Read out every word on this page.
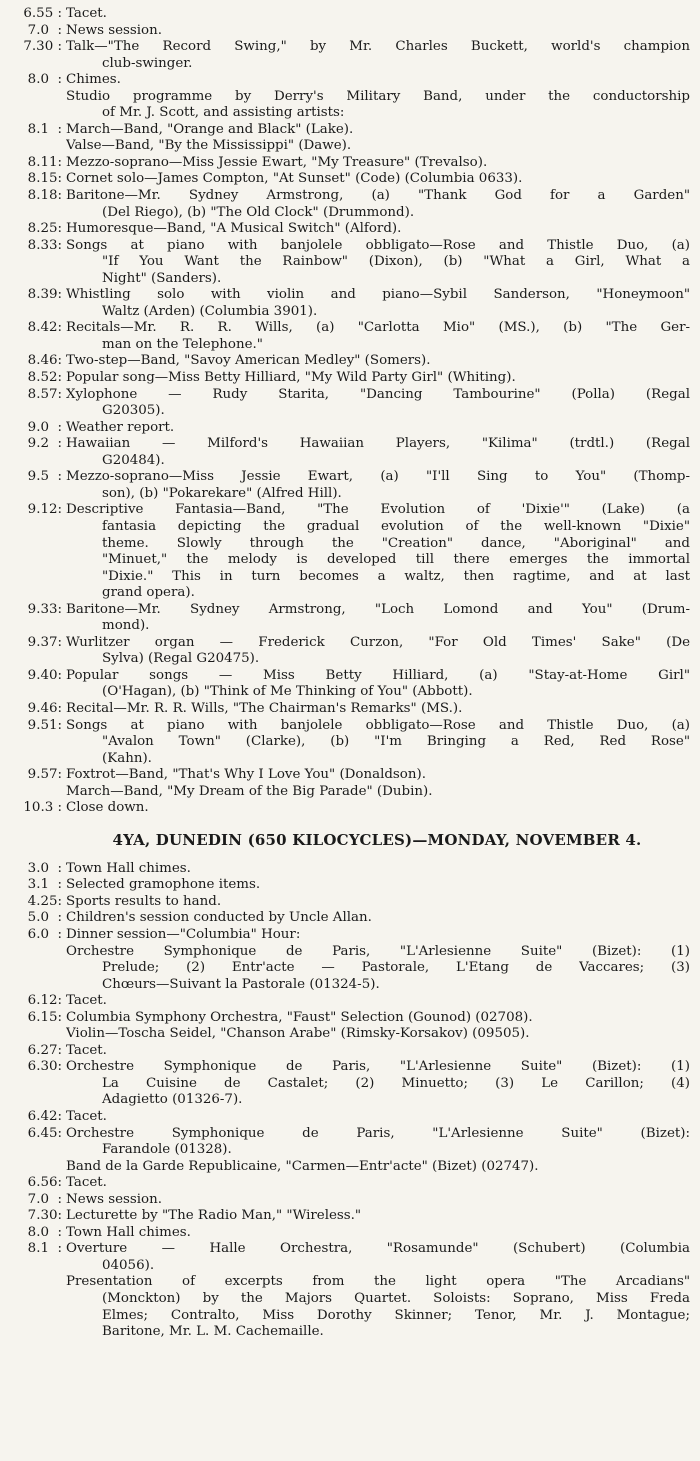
6.55 : Tacet.
7.0  : News session.
7.30 : Talk—"The Record Swing," by Mr. Charles Buckett, world's champion
club-swinger.
8.0  : Chimes.
Studio programme by Derry's Military Band, under the conductorship
of Mr. J. Scott, and assisting artists:
8.1  : March—Band, "Orange and Black" (Lake).
Valse—Band, "By the Mississippi" (Dawe).
8.11: Mezzo-soprano—Miss Jessie Ewart, "My Treasure" (Trevalso).
8.15: Cornet solo—James Compton, "At Sunset" (Code) (Columbia 0633).
8.18: Baritone—Mr. Sydney Armstrong, (a) "Thank God for a Garden"
(Del Riego), (b) "The Old Clock" (Drummond).
8.25: Humoresque—Band, "A Musical Switch" (Alford).
8.33: Songs at piano with banjolele obbligato—Rose and Thistle Duo, (a)
"If You Want the Rainbow" (Dixon), (b) "What a Girl, What a
Night" (Sanders).
8.39: Whistling solo with violin and piano—Sybil Sanderson, "Honeymoon"
Waltz (Arden) (Columbia 3901).
8.42: Recitals—Mr. R. R. Wills, (a) "Carlotta Mio" (MS.), (b) "The Ger-
man on the Telephone."
8.46: Two-step—Band, "Savoy American Medley" (Somers).
8.52: Popular song—Miss Betty Hilliard, "My Wild Party Girl" (Whiting).
8.57: Xylophone — Rudy Starita, "Dancing Tambourine" (Polla) (Regal
G20305).
9.0  : Weather report.
9.2  : Hawaiian — Milford's Hawaiian Players, "Kilima" (trdtl.) (Regal
G20484).
9.5  : Mezzo-soprano—Miss Jessie Ewart, (a) "I'll Sing to You" (Thomp-
son), (b) "Pokarekare" (Alfred Hill).
9.12: Descriptive Fantasia—Band, "The Evolution of 'Dixie'" (Lake) (a
fantasia depicting the gradual evolution of the well-known "Dixie"
theme. Slowly through the "Creation" dance, "Aboriginal" and
"Minuet," the melody is developed till there emerges the immortal
"Dixie." This in turn becomes a waltz, then ragtime, and at last
grand opera).
9.33: Baritone—Mr. Sydney Armstrong, "Loch Lomond and You" (Drum-
mond).
9.37: Wurlitzer organ — Frederick Curzon, "For Old Times' Sake" (De
Sylva) (Regal G20475).
9.40: Popular songs — Miss Betty Hilliard, (a) "Stay-at-Home Girl"
(O'Hagan), (b) "Think of Me Thinking of You" (Abbott).
9.46: Recital—Mr. R. R. Wills, "The Chairman's Remarks" (MS.).
9.51: Songs at piano with banjolele obbligato—Rose and Thistle Duo, (a)
"Avalon Town" (Clarke), (b) "I'm Bringing a Red, Red Rose"
(Kahn).
9.57: Foxtrot—Band, "That's Why I Love You" (Donaldson).
March—Band, "My Dream of the Big Parade" (Dubin).
10.3 : Close down.
4YA, DUNEDIN (650 KILOCYCLES)—MONDAY, NOVEMBER 4.
3.0  : Town Hall chimes.
3.1  : Selected gramophone items.
4.25: Sports results to hand.
5.0  : Children's session conducted by Uncle Allan.
6.0  : Dinner session—"Columbia" Hour:
Orchestre Symphonique de Paris, "L'Arlesienne Suite" (Bizet): (1)
Prelude; (2) Entr'acte — Pastorale, L'Etang de Vaccares; (3)
Chœurs—Suivant la Pastorale (01324-5).
6.12: Tacet.
6.15: Columbia Symphony Orchestra, "Faust" Selection (Gounod) (02708).
Violin—Toscha Seidel, "Chanson Arabe" (Rimsky-Korsakov) (09505).
6.27: Tacet.
6.30: Orchestre Symphonique de Paris, "L'Arlesienne Suite" (Bizet): (1)
La Cuisine de Castalet; (2) Minuetto; (3) Le Carillon; (4)
Adagietto (01326-7).
6.42: Tacet.
6.45: Orchestre Symphonique de Paris, "L'Arlesienne Suite" (Bizet):
Farandole (01328).
Band de la Garde Republicaine, "Carmen—Entr'acte" (Bizet) (02747).
6.56: Tacet.
7.0  : News session.
7.30: Lecturette by "The Radio Man," "Wireless."
8.0  : Town Hall chimes.
8.1  : Overture — Halle Orchestra, "Rosamunde" (Schubert) (Columbia
04056).
Presentation of excerpts from the light opera "The Arcadians"
(Monckton) by the Majors Quartet. Soloists: Soprano, Miss Freda
Elmes; Contralto, Miss Dorothy Skinner; Tenor, Mr. J. Montague;
Baritone, Mr. L. M. Cachemaille.
